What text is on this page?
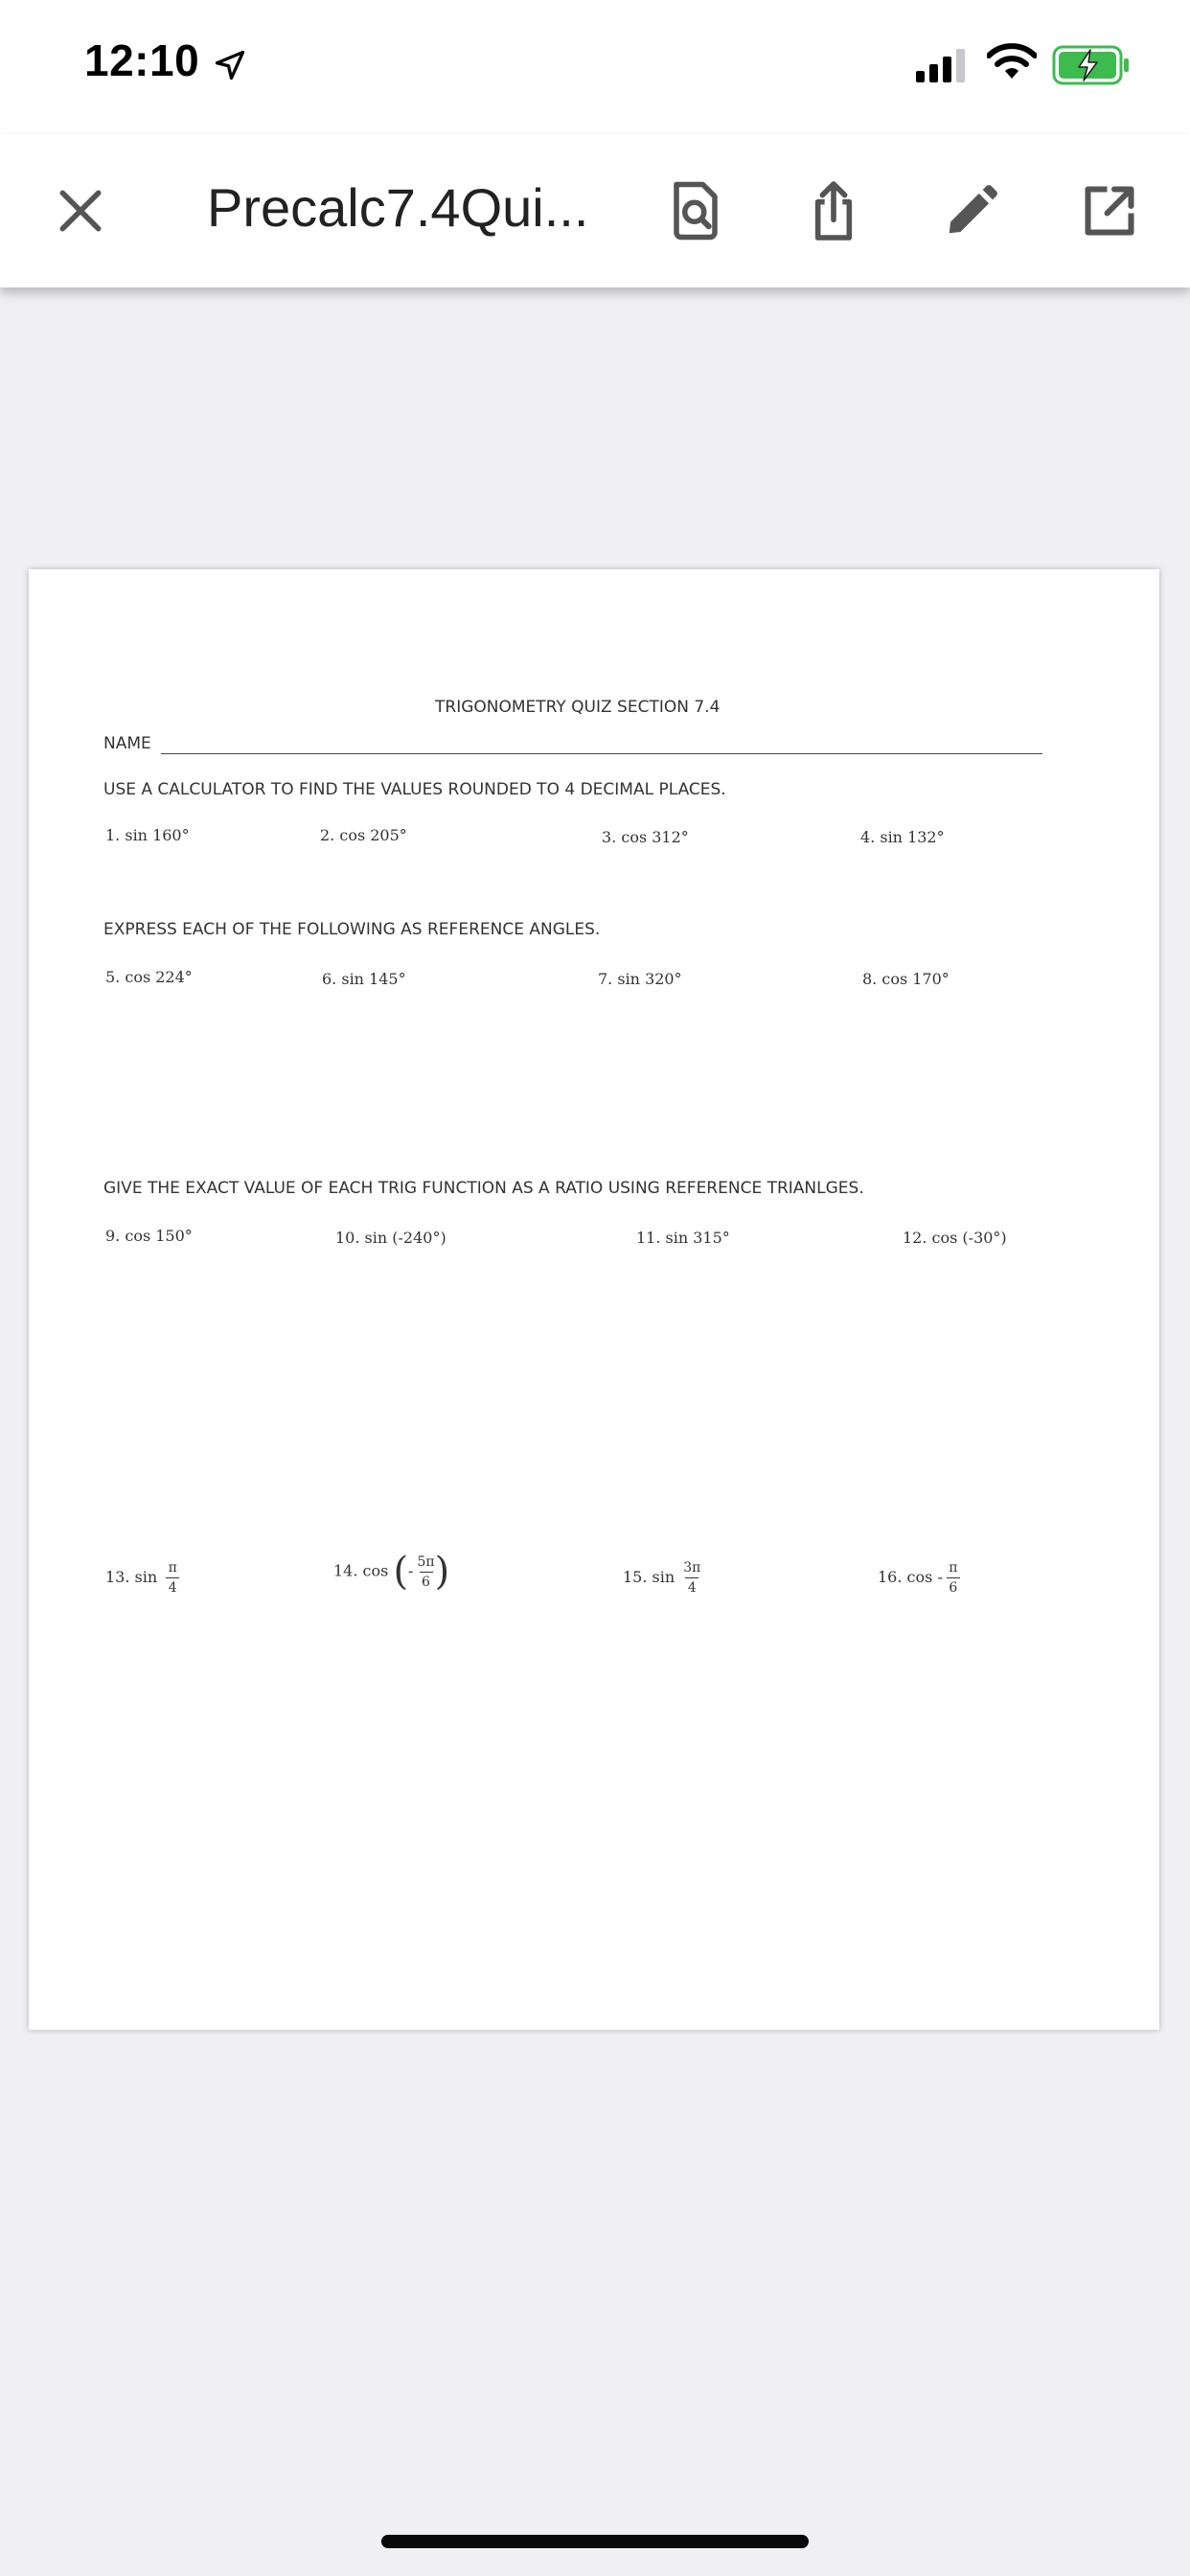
12:10
Precalc7.4Qui...
TRIGONOMETRY QUIZ SECTION 7.4
NAME
USE A CALCULATOR TO FIND THE VALUES ROUNDED TO 4 DECIMAL PLACES.
1. sin 160°	2. cos 205°	3. cos 312°	4. sin 132°
EXPRESS EACH OF THE FOLLOWING AS REFERENCE ANGLES.
5. cos 224°	6. sin 145°	7. sin 320°	8. cos 170°
GIVE THE EXACT VALUE OF EACH TRIG FUNCTION AS A RATIO USING REFERENCE TRIANLGES.
9. cos 150°	10. sin (-240°)	11. sin 315°	12. cos (-30°)
13. $\sin \frac{\pi}{4}$	14. cos (- $\frac{5\pi}{6}$ )	15. $\sin \frac{3\pi}{4}$	16. cos - $\frac{\pi}{6}$
